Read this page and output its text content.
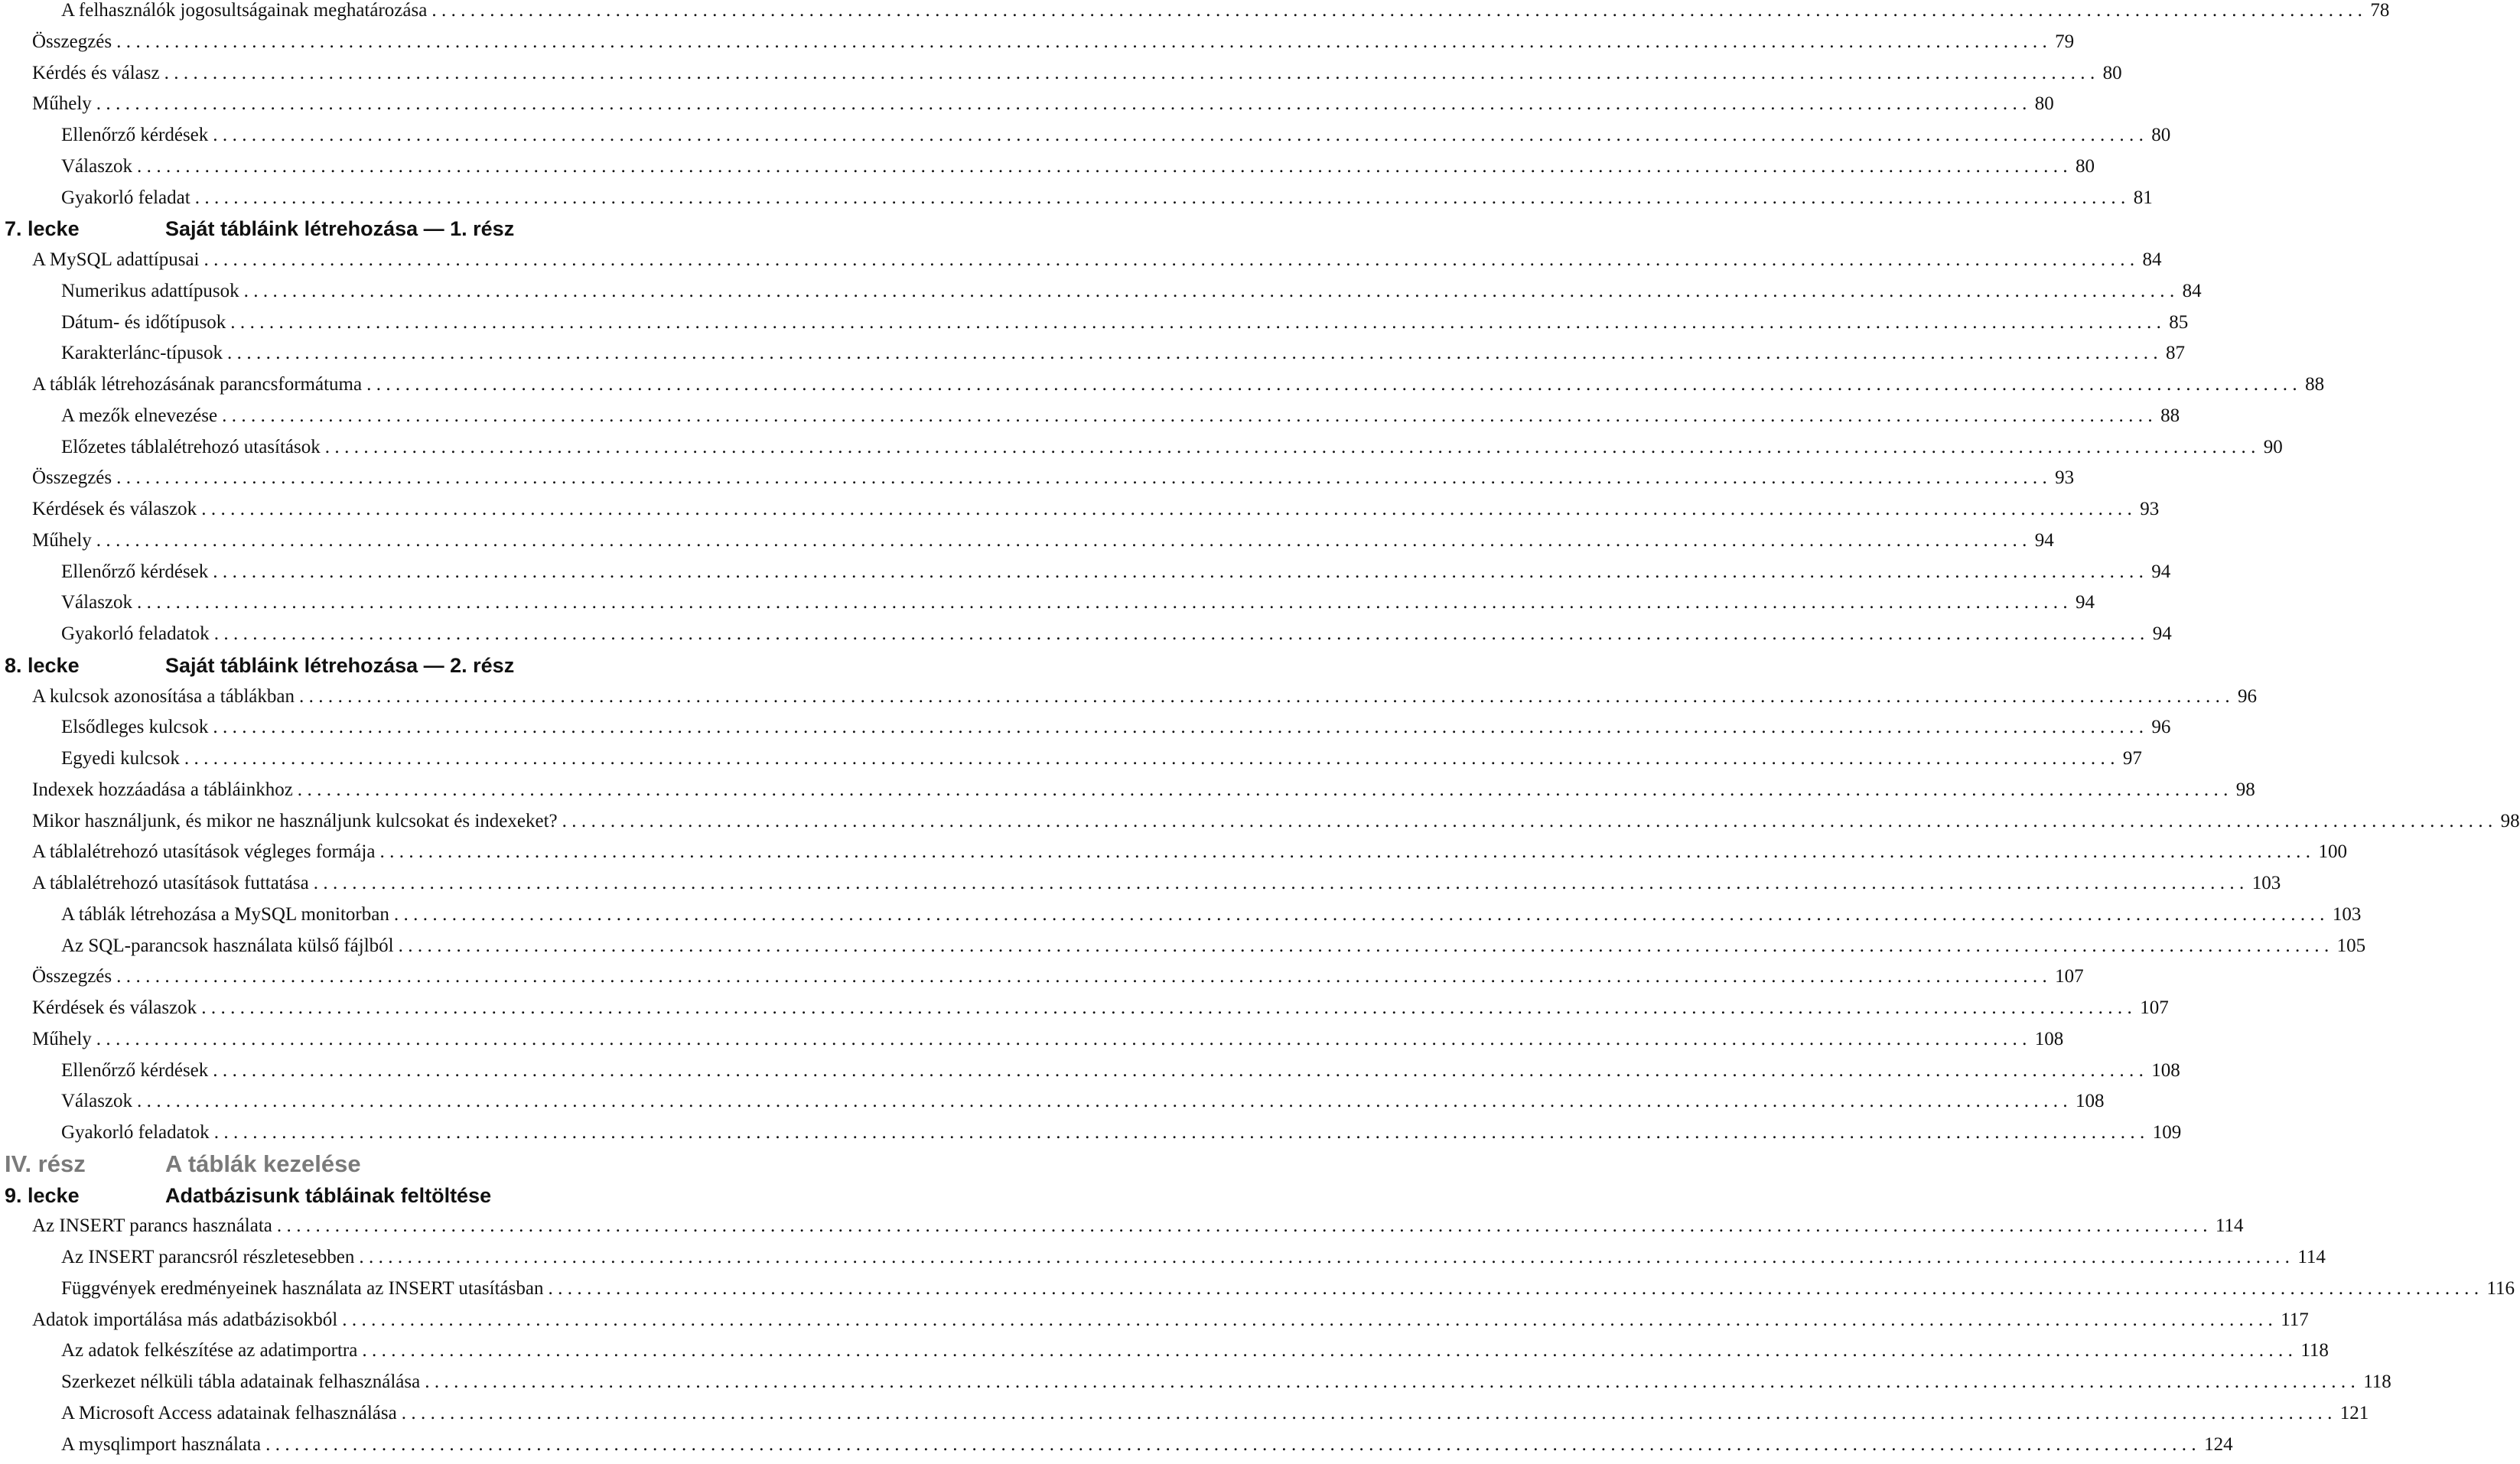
A felhasználók jogosultságainak meghatározása ........................................................................................................................................................................................................ 78
Összegzés ........................................................................................................................................................................................................ 79
Kérdés és válasz ........................................................................................................................................................................................................ 80
Műhely ........................................................................................................................................................................................................ 80
Ellenőrző kérdések ........................................................................................................................................................................................................ 80
Válaszok ........................................................................................................................................................................................................ 80
Gyakorló feladat ........................................................................................................................................................................................................ 81
7. lecke	Saját tábláink létrehozása — 1. rész
A MySQL adattípusai ........................................................................................................................................................................................................ 84
Numerikus adattípusok ........................................................................................................................................................................................................ 84
Dátum- és időtípusok ........................................................................................................................................................................................................ 85
Karakterlánc-típusok ........................................................................................................................................................................................................ 87
A táblák létrehozásának parancsformátuma ........................................................................................................................................................................................................ 88
A mezők elnevezése ........................................................................................................................................................................................................ 88
Előzetes táblalétrehozó utasítások ........................................................................................................................................................................................................ 90
Összegzés ........................................................................................................................................................................................................ 93
Kérdések és válaszok ........................................................................................................................................................................................................ 93
Műhely ........................................................................................................................................................................................................ 94
Ellenőrző kérdések ........................................................................................................................................................................................................ 94
Válaszok ........................................................................................................................................................................................................ 94
Gyakorló feladatok ........................................................................................................................................................................................................ 94
8. lecke	Saját tábláink létrehozása — 2. rész
A kulcsok azonosítása a táblákban ........................................................................................................................................................................................................ 96
Elsődleges kulcsok ........................................................................................................................................................................................................ 96
Egyedi kulcsok ........................................................................................................................................................................................................ 97
Indexek hozzáadása a tábláinkhoz ........................................................................................................................................................................................................ 98
Mikor használjunk, és mikor ne használjunk kulcsokat és indexeket? ........................................................................................................................................................................................................ 98
A táblalétrehozó utasítások végleges formája ........................................................................................................................................................................................................ 100
A táblalétrehozó utasítások futtatása ........................................................................................................................................................................................................ 103
A táblák létrehozása a MySQL monitorban ........................................................................................................................................................................................................ 103
Az SQL-parancsok használata külső fájlból ........................................................................................................................................................................................................ 105
Összegzés ........................................................................................................................................................................................................ 107
Kérdések és válaszok ........................................................................................................................................................................................................ 107
Műhely ........................................................................................................................................................................................................ 108
Ellenőrző kérdések ........................................................................................................................................................................................................ 108
Válaszok ........................................................................................................................................................................................................ 108
Gyakorló feladatok ........................................................................................................................................................................................................ 109
IV. rész	A táblák kezelése
9. lecke	Adatbázisunk tábláinak feltöltése
Az INSERT parancs használata ........................................................................................................................................................................................................ 114
Az INSERT parancsról részletesebben ........................................................................................................................................................................................................ 114
Függvények eredményeinek használata az INSERT utasításban ........................................................................................................................................................................................................ 116
Adatok importálása más adatbázisokból ........................................................................................................................................................................................................ 117
Az adatok felkészítése az adatimportra ........................................................................................................................................................................................................ 118
Szerkezet nélküli tábla adatainak felhasználása ........................................................................................................................................................................................................ 118
A Microsoft Access adatainak felhasználása ........................................................................................................................................................................................................ 121
A mysqlimport használata ........................................................................................................................................................................................................ 124
